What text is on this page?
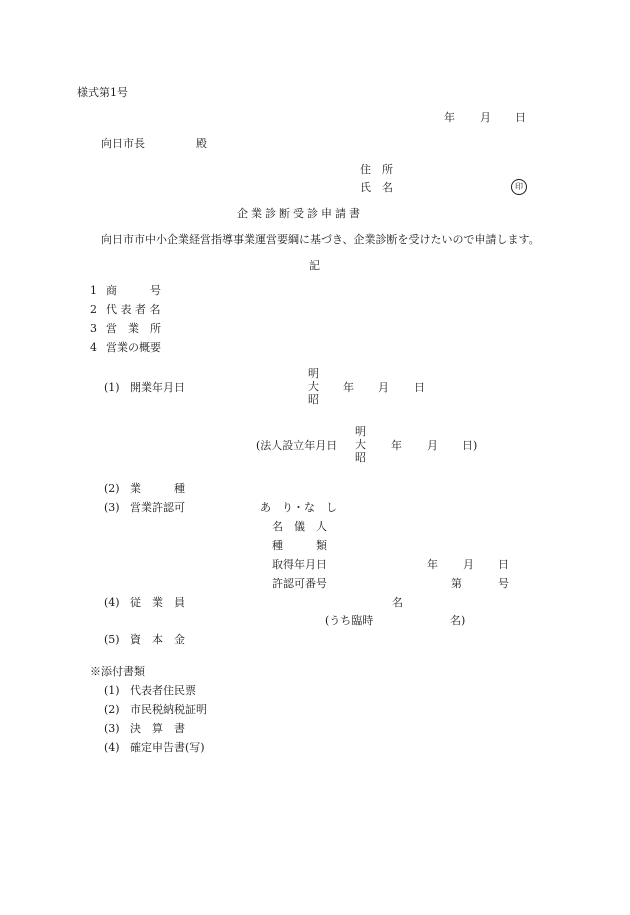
様式第1号
年 月 日
向日市長	殿
住　所
氏　名	印
企業診断受診申請書
向日市市中小企業経営指導事業運営要綱に基づき、企業診断を受けたいので申請します。
記
1 商　　　号
2 代 表 者 名
3 営　業　所
4 営業の概要
(1) 開業年月日
明
大
昭
年 月 日
(法人設立年月日
明
大
昭
年 月 日)
(2) 業　　　種
(3) 営業許認可	あ　り・な　し
名　儀　人
種　　　類
取得年月日	年 月 日
許認可番号	第	号
(4) 従　業　員	名
(うち臨時	名)
(5) 資　本　金
※添付書類
(1) 代表者住民票
(2) 市民税納税証明
(3) 決　算　書
(4) 確定申告書(写)
